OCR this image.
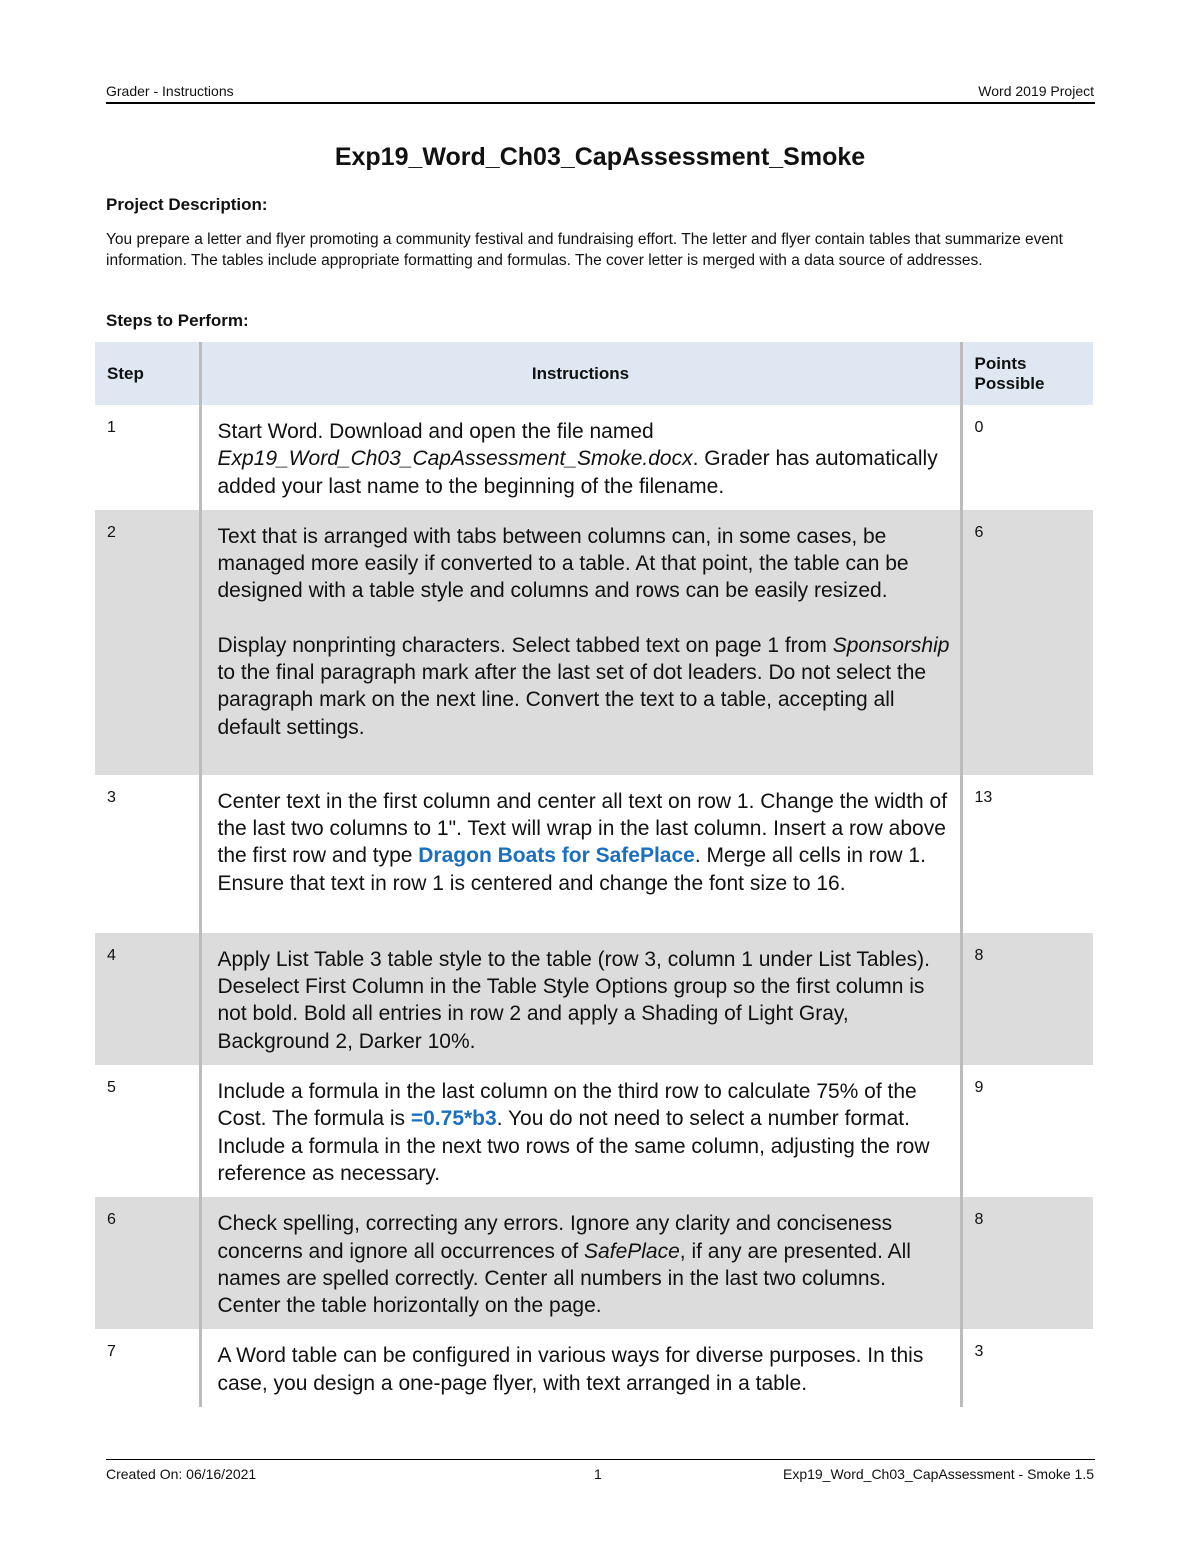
Grader - Instructions	Word 2019 Project
Exp19_Word_Ch03_CapAssessment_Smoke
Project Description:
You prepare a letter and flyer promoting a community festival and fundraising effort. The letter and flyer contain tables that summarize event information. The tables include appropriate formatting and formulas. The cover letter is merged with a data source of addresses.
Steps to Perform:
Step	Instructions	Points Possible
1	Start Word. Download and open the file named Exp19_Word_Ch03_CapAssessment_Smoke.docx. Grader has automatically added your last name to the beginning of the filename.	0
2	Text that is arranged with tabs between columns can, in some cases, be managed more easily if converted to a table. At that point, the table can be designed with a table style and columns and rows can be easily resized.

Display nonprinting characters. Select tabbed text on page 1 from Sponsorship to the final paragraph mark after the last set of dot leaders. Do not select the paragraph mark on the next line. Convert the text to a table, accepting all default settings.	6
3	Center text in the first column and center all text on row 1. Change the width of the last two columns to 1". Text will wrap in the last column. Insert a row above the first row and type Dragon Boats for SafePlace. Merge all cells in row 1. Ensure that text in row 1 is centered and change the font size to 16.	13
4	Apply List Table 3 table style to the table (row 3, column 1 under List Tables). Deselect First Column in the Table Style Options group so the first column is not bold. Bold all entries in row 2 and apply a Shading of Light Gray, Background 2, Darker 10%.	8
5	Include a formula in the last column on the third row to calculate 75% of the Cost. The formula is =0.75*b3. You do not need to select a number format. Include a formula in the next two rows of the same column, adjusting the row reference as necessary.	9
6	Check spelling, correcting any errors. Ignore any clarity and conciseness concerns and ignore all occurrences of SafePlace, if any are presented. All names are spelled correctly. Center all numbers in the last two columns. Center the table horizontally on the page.	8
7	A Word table can be configured in various ways for diverse purposes. In this case, you design a one-page flyer, with text arranged in a table.	3
Created On: 06/16/2021	1	Exp19_Word_Ch03_CapAssessment - Smoke 1.5
